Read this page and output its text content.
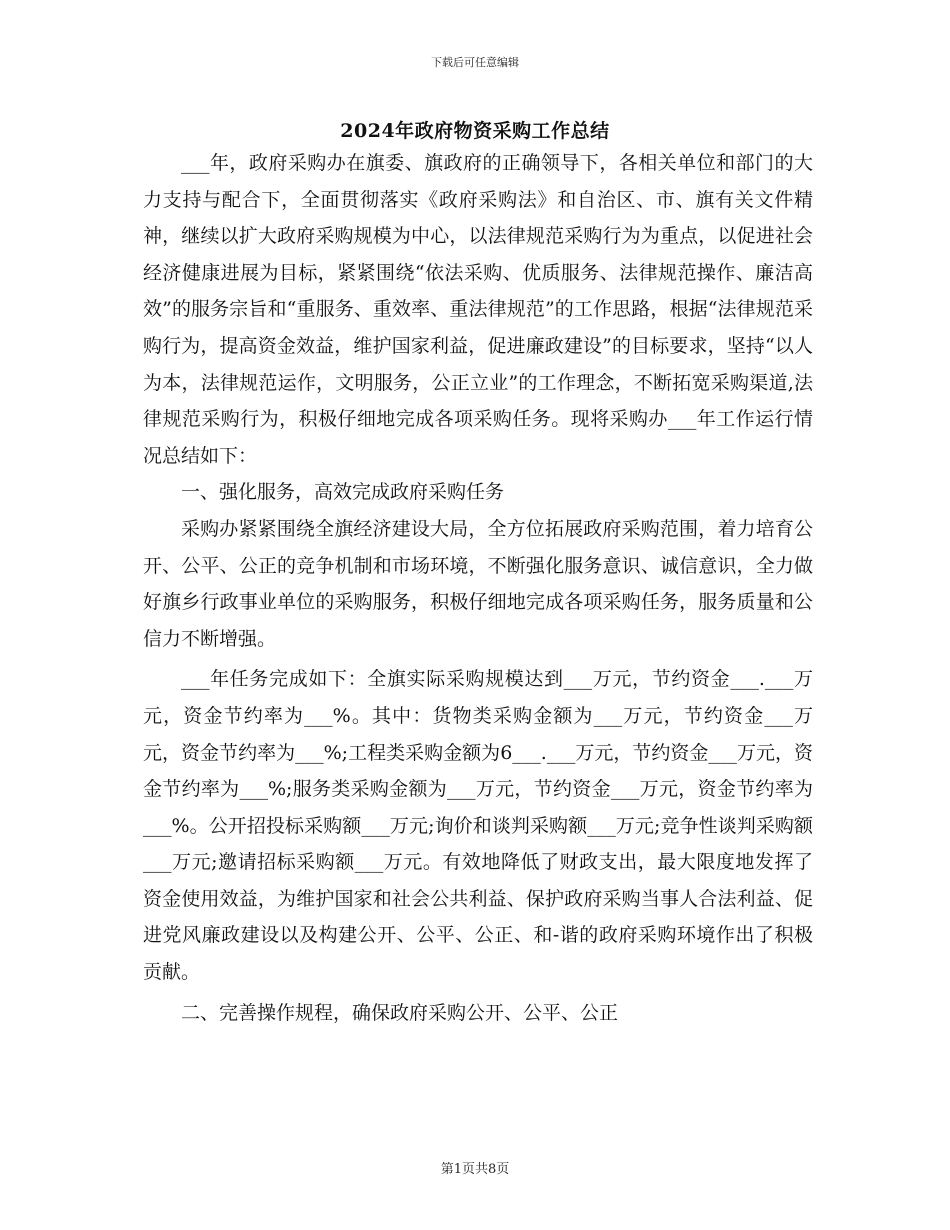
下载后可任意编辑
2024年政府物资采购工作总结

___年，政府采购办在旗委、旗政府的正确领导下，各相关单位和部门的大力支持与配合下，全面贯彻落实《政府采购法》和自治区、市、旗有关文件精神，继续以扩大政府采购规模为中心，以法律规范采购行为为重点，以促进社会经济健康进展为目标，紧紧围绕“依法采购、优质服务、法律规范操作、廉洁高效”的服务宗旨和“重服务、重效率、重法律规范”的工作思路，根据“法律规范采购行为，提高资金效益，维护国家利益，促进廉政建设”的目标要求，坚持“以人为本，法律规范运作，文明服务，公正立业”的工作理念，不断拓宽采购渠道,法律规范采购行为，积极仔细地完成各项采购任务。现将采购办___年工作运行情况总结如下：

一、强化服务，高效完成政府采购任务

采购办紧紧围绕全旗经济建设大局，全方位拓展政府采购范围，着力培育公开、公平、公正的竞争机制和市场环境，不断强化服务意识、诚信意识，全力做好旗乡行政事业单位的采购服务，积极仔细地完成各项采购任务，服务质量和公信力不断增强。

___年任务完成如下：全旗实际采购规模达到___万元，节约资金___.___万元，资金节约率为___%。其中：货物类采购金额为___万元，节约资金___万元，资金节约率为___%;工程类采购金额为6___.___万元，节约资金___万元，资金节约率为___%;服务类采购金额为___万元，节约资金___万元，资金节约率为___%。公开招投标采购额___万元;询价和谈判采购额___万元;竞争性谈判采购额___万元;邀请招标采购额___万元。有效地降低了财政支出，最大限度地发挥了资金使用效益，为维护国家和社会公共利益、保护政府采购当事人合法利益、促进党风廉政建设以及构建公开、公平、公正、和-谐的政府采购环境作出了积极贡献。

二、完善操作规程，确保政府采购公开、公平、公正

第1页共8页
